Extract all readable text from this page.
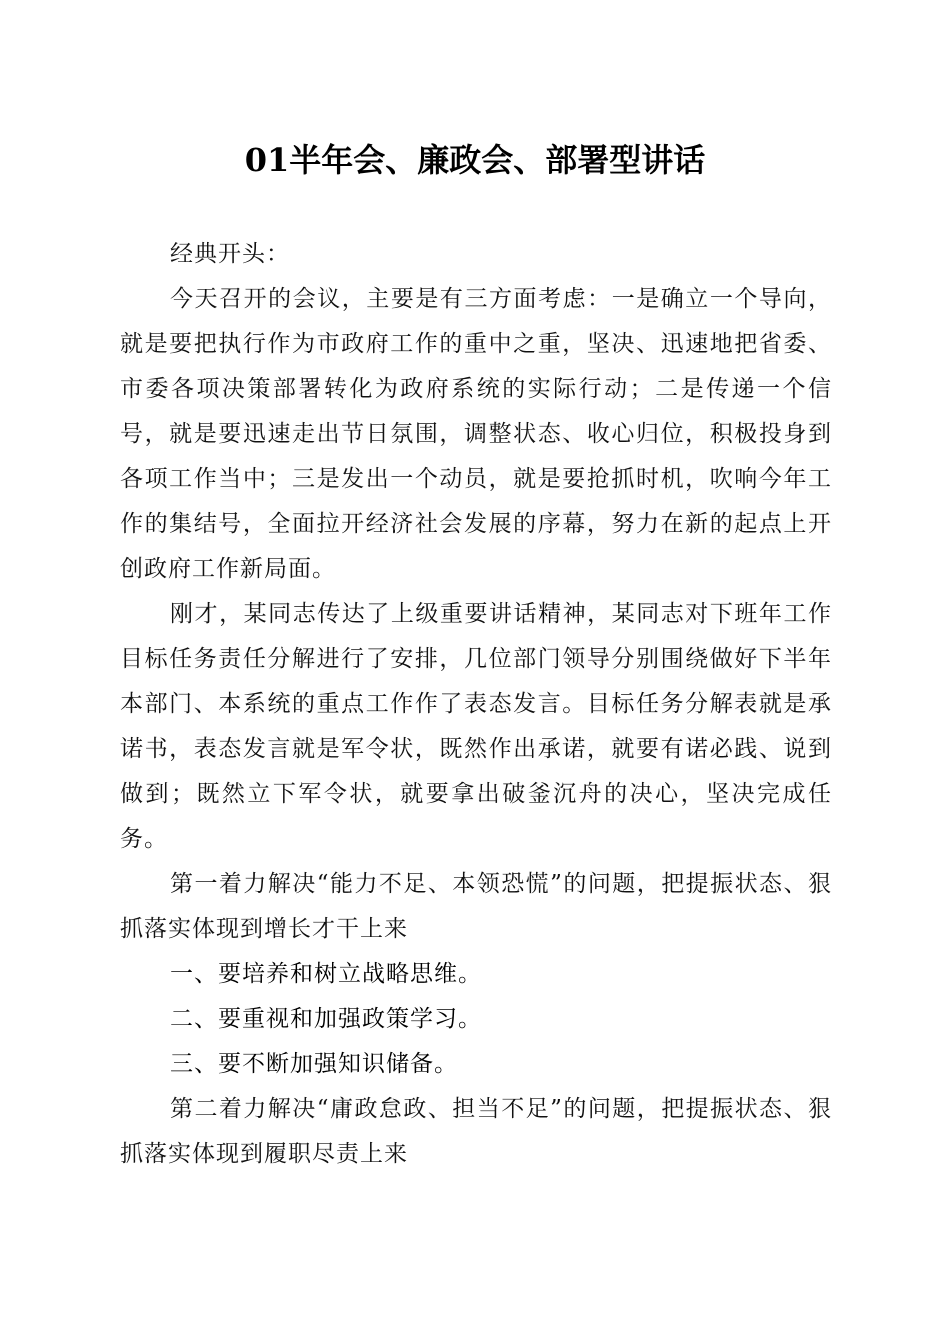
01半年会、廉政会、部署型讲话

经典开头：

今天召开的会议，主要是有三方面考虑：一是确立一个导向，就是要把执行作为市政府工作的重中之重，坚决、迅速地把省委、市委各项决策部署转化为政府系统的实际行动；二是传递一个信号，就是要迅速走出节日氛围，调整状态、收心归位，积极投身到各项工作当中；三是发出一个动员，就是要抢抓时机，吹响今年工作的集结号，全面拉开经济社会发展的序幕，努力在新的起点上开创政府工作新局面。

刚才，某同志传达了上级重要讲话精神，某同志对下班年工作目标任务责任分解进行了安排，几位部门领导分别围绕做好下半年本部门、本系统的重点工作作了表态发言。目标任务分解表就是承诺书，表态发言就是军令状，既然作出承诺，就要有诺必践、说到做到；既然立下军令状，就要拿出破釜沉舟的决心，坚决完成任务。

第一着力解决“能力不足、本领恐慌”的问题，把提振状态、狠抓落实体现到增长才干上来

一、要培养和树立战略思维。

二、要重视和加强政策学习。

三、要不断加强知识储备。

第二着力解决“庸政怠政、担当不足”的问题，把提振状态、狠抓落实体现到履职尽责上来
